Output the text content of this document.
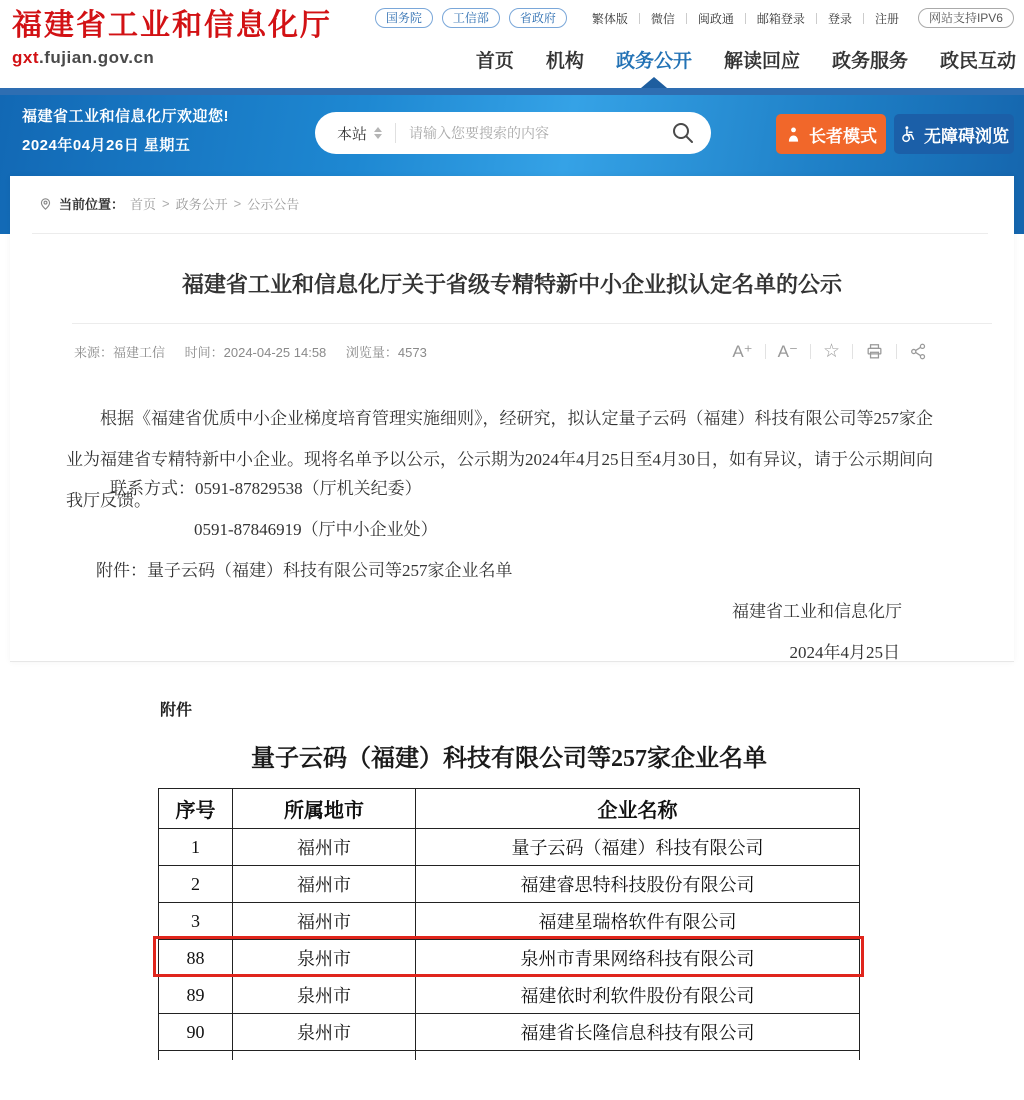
福建省工业和信息化厅
gxt.fujian.gov.cn
国务院	工信部	省政府	繁体版 微信 闽政通 邮箱登录 登录 注册	网站支持IPV6
首页 机构 政务公开 解读回应 政务服务 政民互动
福建省工业和信息化厅欢迎您!
2024年04月26日 星期五
本站
请输入您要搜索的内容	长者模式	无障碍浏览
当前位置： 首页 > 政务公开 > 公示公告
福建省工业和信息化厅关于省级专精特新中小企业拟认定名单的公示
来源：福建工信 时间：2024-04-25 14:58 浏览量：4573	A⁺ A⁻ ☆

根据《福建省优质中小企业梯度培育管理实施细则》，经研究，拟认定量子云码（福建）科技有限公司等257家企业为福建省专精特新中小企业。现将名单予以公示，公示期为2024年4月25日至4月30日，如有异议，请于公示期间向我厅反馈。

联系方式：0591-87829538（厅机关纪委）

0591-87846919（厅中小企业处）

附件：量子云码（福建）科技有限公司等257家企业名单

福建省工业和信息化厅

2024年4月25日

附件
量子云码（福建）科技有限公司等257家企业名单
序号	所属地市	企业名称
1	福州市	量子云码（福建）科技有限公司
2	福州市	福建睿思特科技股份有限公司
3	福州市	福建星瑞格软件有限公司
88	泉州市	泉州市青果网络科技有限公司
89	泉州市	福建依时利软件股份有限公司
90	泉州市	福建省长隆信息科技有限公司
